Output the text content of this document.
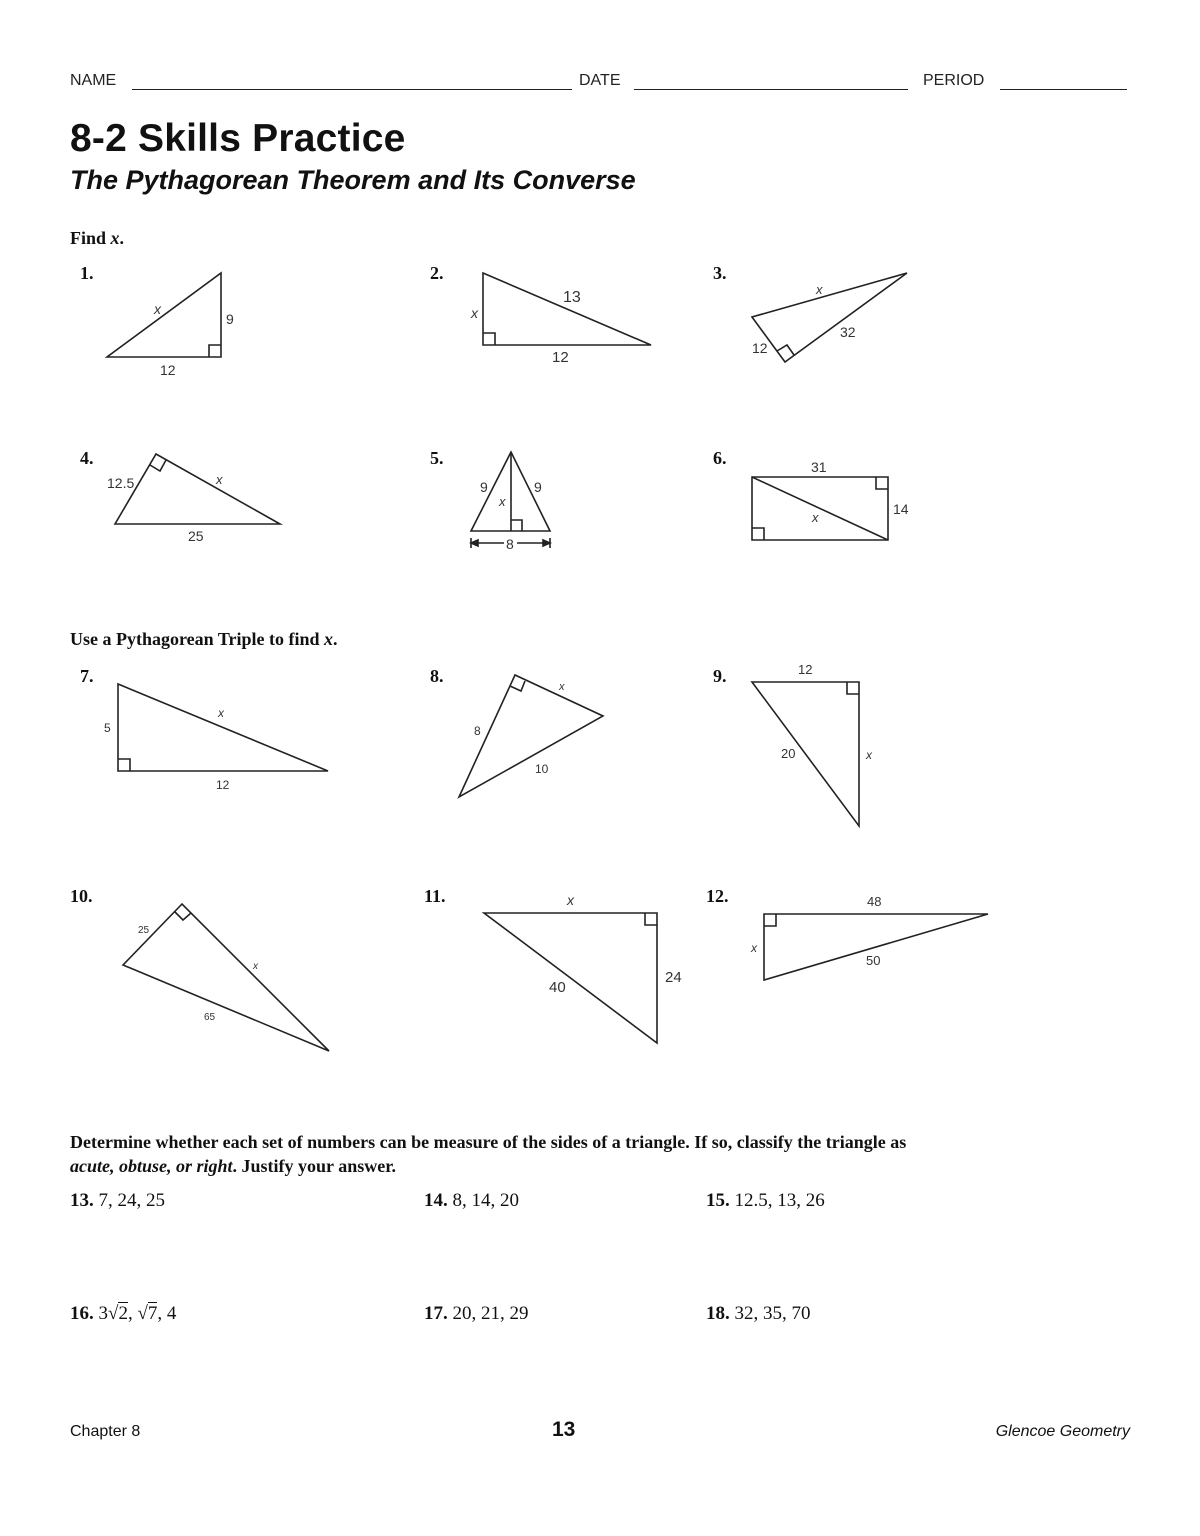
NAME	DATE	PERIOD
8-2 Skills Practice
The Pythagorean Theorem and Its Converse
Find x.
1.	2.	3.
4.	5.	6.
x
9
12
x
13
12
x
32
12
12.5	x
25
9
x
9
8
31
14
x
5
x
12
8
x
10
12
20	x
25
x
65
x
40
24
48
x
50
Use a Pythagorean Triple to find x.
7.	8.	9.
10.	11.	12.
Determine whether each set of numbers can be measure of the sides of a triangle. If so, classify the triangle as
acute, obtuse, or right. Justify your answer.
13. 7, 24, 25	14. 8, 14, 20	15. 12.5, 13, 26
16. 3√2, √7, 4	17. 20, 21, 29	18. 32, 35, 70
Chapter 8	13	Glencoe Geometry
